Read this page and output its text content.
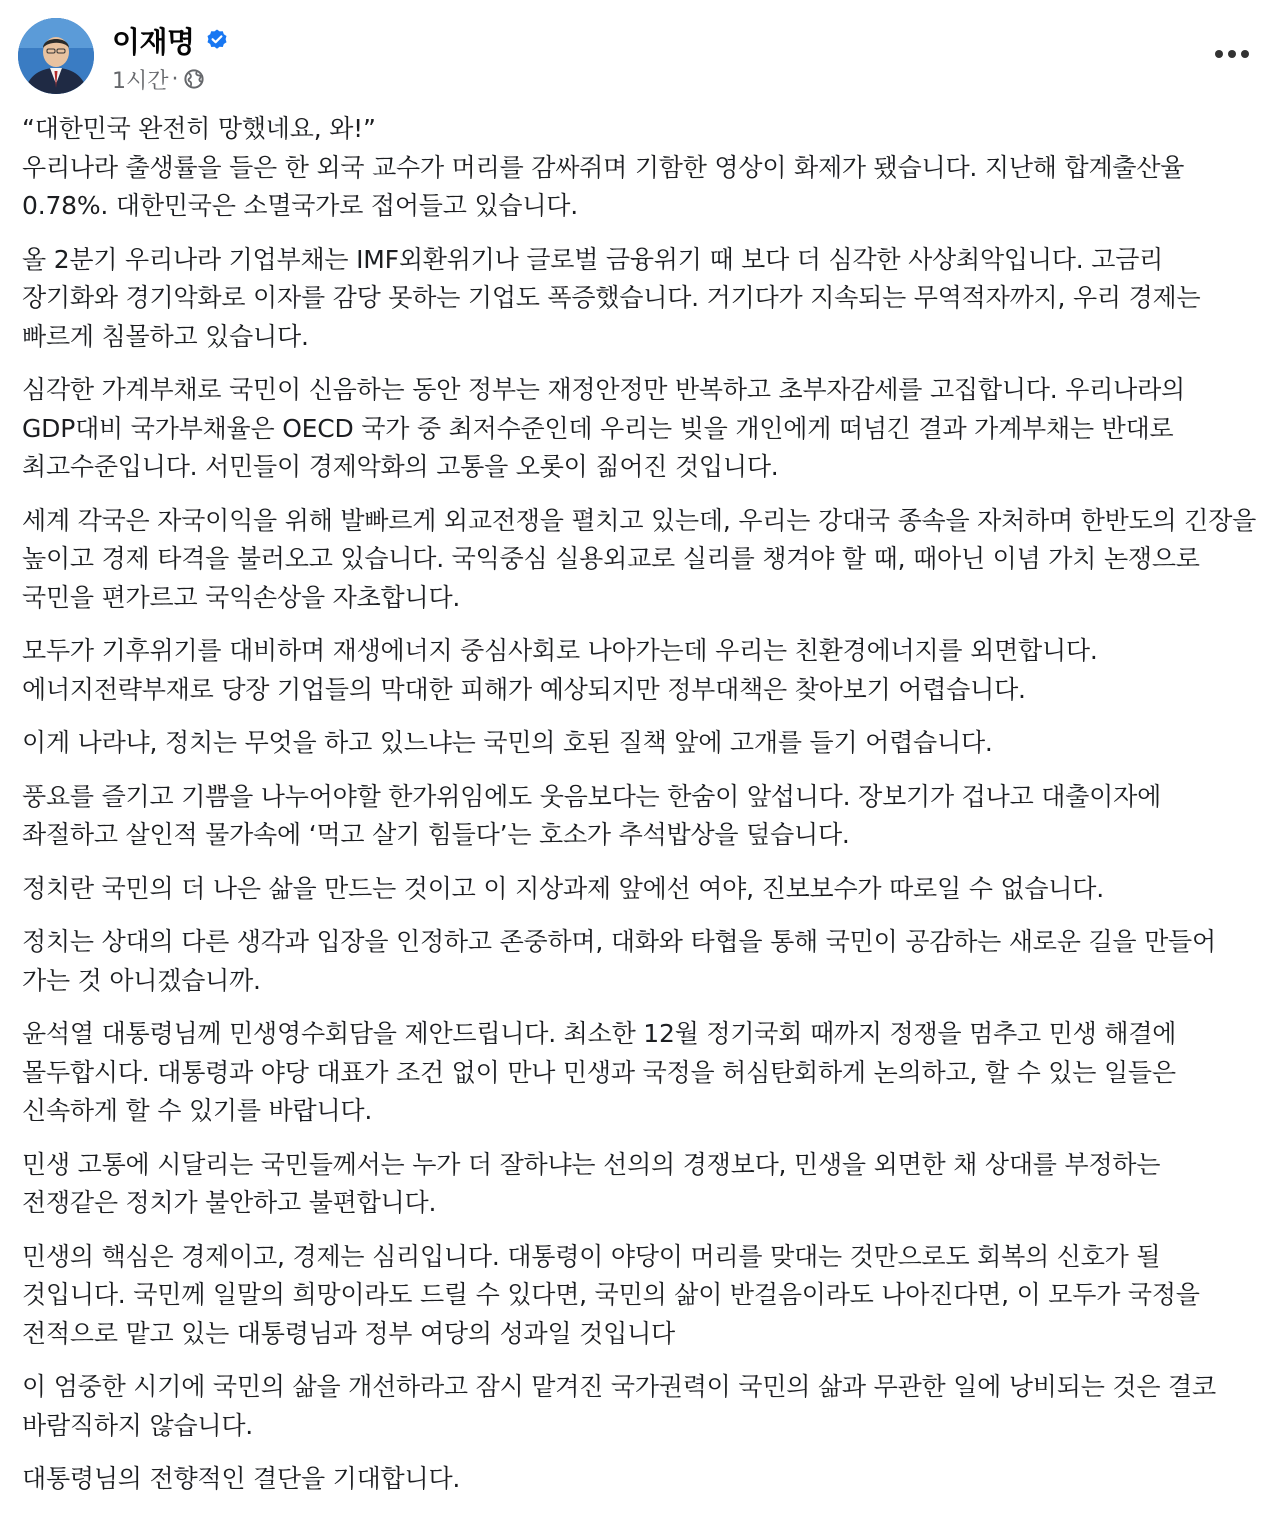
이재명
1시간 ·

“대한민국 완전히 망했네요, 와!”

우리나라 출생률을 들은 한 외국 교수가 머리를 감싸쥐며 기함한 영상이 화제가 됐습니다. 지난해 합계출산율 0.78%. 대한민국은 소멸국가로 접어들고 있습니다.

올 2분기 우리나라 기업부채는 IMF외환위기나 글로벌 금융위기 때 보다 더 심각한 사상최악입니다. 고금리 장기화와 경기악화로 이자를 감당 못하는 기업도 폭증했습니다. 거기다가 지속되는 무역적자까지, 우리 경제는 빠르게 침몰하고 있습니다.

심각한 가계부채로 국민이 신음하는 동안 정부는 재정안정만 반복하고 초부자감세를 고집합니다. 우리나라의 GDP대비 국가부채율은 OECD 국가 중 최저수준인데 우리는 빚을 개인에게 떠넘긴 결과 가계부채는 반대로 최고수준입니다. 서민들이 경제악화의 고통을 오롯이 짊어진 것입니다.

세계 각국은 자국이익을 위해 발빠르게 외교전쟁을 펼치고 있는데, 우리는 강대국 종속을 자처하며 한반도의 긴장을 높이고 경제 타격을 불러오고 있습니다. 국익중심 실용외교로 실리를 챙겨야 할 때, 때아닌 이념 가치 논쟁으로 국민을 편가르고 국익손상을 자초합니다.

모두가 기후위기를 대비하며 재생에너지 중심사회로 나아가는데 우리는 친환경에너지를 외면합니다. 에너지전략부재로 당장 기업들의 막대한 피해가 예상되지만 정부대책은 찾아보기 어렵습니다.

이게 나라냐, 정치는 무엇을 하고 있느냐는 국민의 호된 질책 앞에 고개를 들기 어렵습니다.

풍요를 즐기고 기쁨을 나누어야할 한가위임에도 웃음보다는 한숨이 앞섭니다. 장보기가 겁나고 대출이자에 좌절하고 살인적 물가속에 ‘먹고 살기 힘들다’는 호소가 추석밥상을 덮습니다.

정치란 국민의 더 나은 삶을 만드는 것이고 이 지상과제 앞에선 여야, 진보보수가 따로일 수 없습니다.

정치는 상대의 다른 생각과 입장을 인정하고 존중하며, 대화와 타협을 통해 국민이 공감하는 새로운 길을 만들어 가는 것 아니겠습니까.

윤석열 대통령님께 민생영수회담을 제안드립니다. 최소한 12월 정기국회 때까지 정쟁을 멈추고 민생 해결에 몰두합시다. 대통령과 야당 대표가 조건 없이 만나 민생과 국정을 허심탄회하게 논의하고, 할 수 있는 일들은 신속하게 할 수 있기를 바랍니다.

민생 고통에 시달리는 국민들께서는 누가 더 잘하냐는 선의의 경쟁보다, 민생을 외면한 채 상대를 부정하는 전쟁같은 정치가 불안하고 불편합니다.

민생의 핵심은 경제이고, 경제는 심리입니다. 대통령이 야당이 머리를 맞대는 것만으로도 회복의 신호가 될 것입니다. 국민께 일말의 희망이라도 드릴 수 있다면, 국민의 삶이 반걸음이라도 나아진다면, 이 모두가 국정을 전적으로 맡고 있는 대통령님과 정부 여당의 성과일 것입니다

이 엄중한 시기에 국민의 삶을 개선하라고 잠시 맡겨진 국가권력이 국민의 삶과 무관한 일에 낭비되는 것은 결코 바람직하지 않습니다.

대통령님의 전향적인 결단을 기대합니다.
